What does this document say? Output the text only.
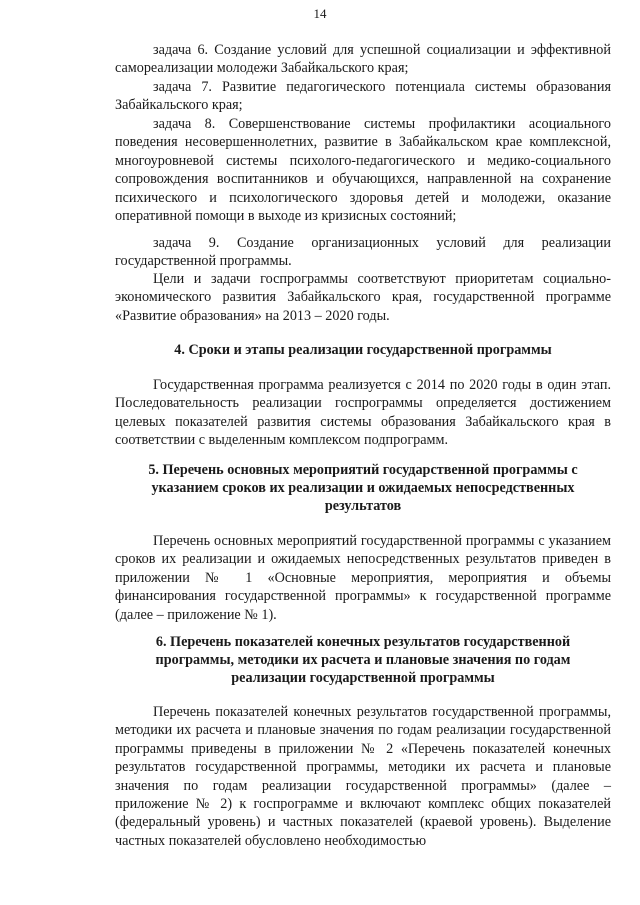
14
задача 6. Создание условий для успешной социализации и эффективной самореализации молодежи Забайкальского края;
задача 7. Развитие педагогического потенциала системы образования Забайкальского края;
задача 8. Совершенствование системы профилактики асоциального поведения несовершеннолетних, развитие в Забайкальском крае комплексной, многоуровневой системы психолого-педагогического и медико-социального сопровождения воспитанников и обучающихся, направленной на сохранение психического и психологического здоровья детей и молодежи, оказание оперативной помощи в выходе из кризисных состояний;
задача 9. Создание организационных условий для реализации государственной программы.
Цели и задачи госпрограммы соответствуют приоритетам социально-экономического развития Забайкальского края, государственной программе «Развитие образования» на 2013 – 2020 годы.
4. Сроки и этапы реализации государственной программы
Государственная программа реализуется с 2014 по 2020 годы в один этап. Последовательность реализации госпрограммы определяется достижением целевых показателей развития системы образования Забайкальского края в соответствии с выделенным комплексом подпрограмм.
5. Перечень основных мероприятий государственной программы с указанием сроков их реализации и ожидаемых непосредственных результатов
Перечень основных мероприятий государственной программы с указанием сроков их реализации и ожидаемых непосредственных результатов приведен в приложении № 1 «Основные мероприятия, мероприятия и объемы финансирования государственной программы» к государственной программе (далее – приложение № 1).
6. Перечень показателей конечных результатов государственной программы, методики их расчета и плановые значения по годам реализации государственной программы
Перечень показателей конечных результатов государственной программы, методики их расчета и плановые значения по годам реализации государственной программы приведены в приложении № 2 «Перечень показателей конечных результатов государственной программы, методики их расчета и плановые значения по годам реализации государственной программы» (далее – приложение № 2) к госпрограмме и включают комплекс общих показателей (федеральный уровень) и частных показателей (краевой уровень). Выделение частных показателей обусловлено необходимостью
